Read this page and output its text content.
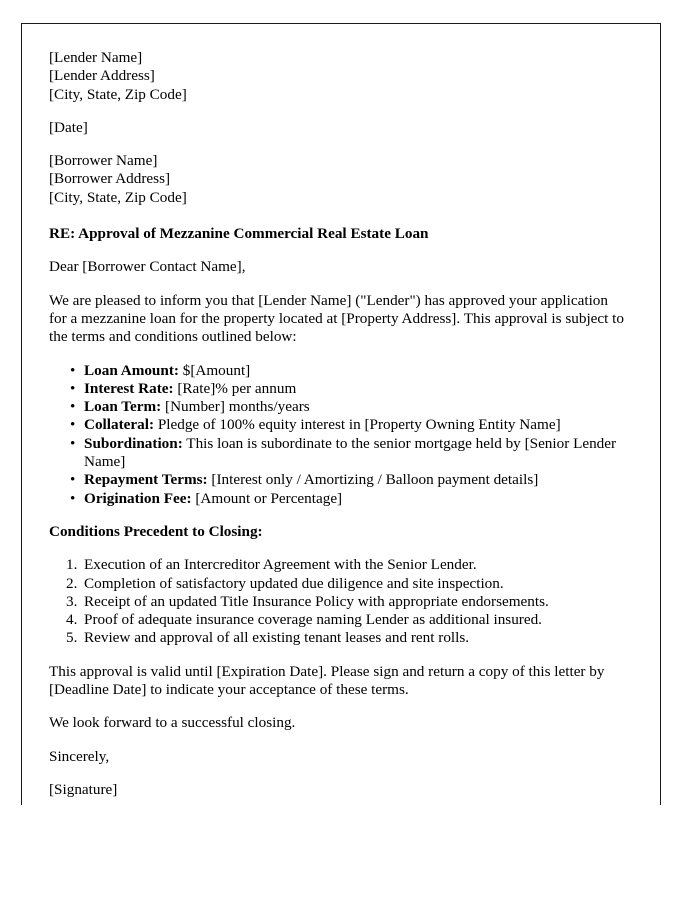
[Lender Name]
[Lender Address]
[City, State, Zip Code]
[Date]
[Borrower Name]
[Borrower Address]
[City, State, Zip Code]
RE: Approval of Mezzanine Commercial Real Estate Loan
Dear [Borrower Contact Name],
We are pleased to inform you that [Lender Name] ("Lender") has approved your application for a mezzanine loan for the property located at [Property Address]. This approval is subject to the terms and conditions outlined below:
• Loan Amount: $[Amount]
• Interest Rate: [Rate]% per annum
• Loan Term: [Number] months/years
• Collateral: Pledge of 100% equity interest in [Property Owning Entity Name]
• Subordination: This loan is subordinate to the senior mortgage held by [Senior Lender Name]
• Repayment Terms: [Interest only / Amortizing / Balloon payment details]
• Origination Fee: [Amount or Percentage]
Conditions Precedent to Closing:
Execution of an Intercreditor Agreement with the Senior Lender.
Completion of satisfactory updated due diligence and site inspection.
Receipt of an updated Title Insurance Policy with appropriate endorsements.
Proof of adequate insurance coverage naming Lender as additional insured.
Review and approval of all existing tenant leases and rent rolls.
This approval is valid until [Expiration Date]. Please sign and return a copy of this letter by [Deadline Date] to indicate your acceptance of these terms.
We look forward to a successful closing.
Sincerely,
[Signature]
